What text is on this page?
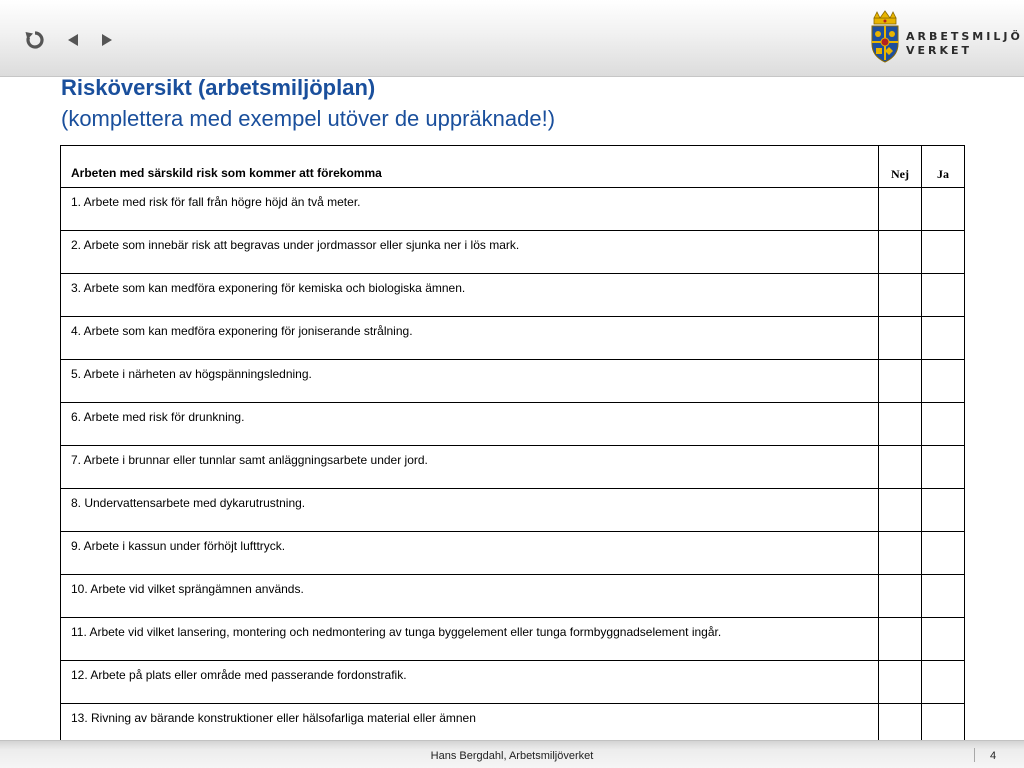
ARBETSMILJÖ
VERKET
Risköversikt (arbetsmiljöplan)
(komplettera med exempel utöver de uppräknade!)
Arbeten med särskild risk som kommer att förekomma	Nej	Ja
1. Arbete med risk för fall från högre höjd än två meter.		
2. Arbete som innebär risk att begravas under jordmassor eller sjunka ner i lös mark.		
3. Arbete som kan medföra exponering för kemiska och biologiska ämnen.		
4. Arbete som kan medföra exponering för joniserande strålning.		
5. Arbete i närheten av högspänningsledning.		
6. Arbete med risk för drunkning.		
7. Arbete i brunnar eller tunnlar samt anläggningsarbete under jord.		
8. Undervattensarbete med dykarutrustning.		
9. Arbete i kassun under förhöjt lufttryck.		
10. Arbete vid vilket sprängämnen används.		
11. Arbete vid vilket lansering, montering och nedmontering av tunga byggelement eller tunga formbyggnadselement ingår.		
12. Arbete på plats eller område med passerande fordonstrafik.		
13. Rivning av bärande konstruktioner eller hälsofarliga material eller ämnen		
Hans Bergdahl, Arbetsmiljöverket	4
